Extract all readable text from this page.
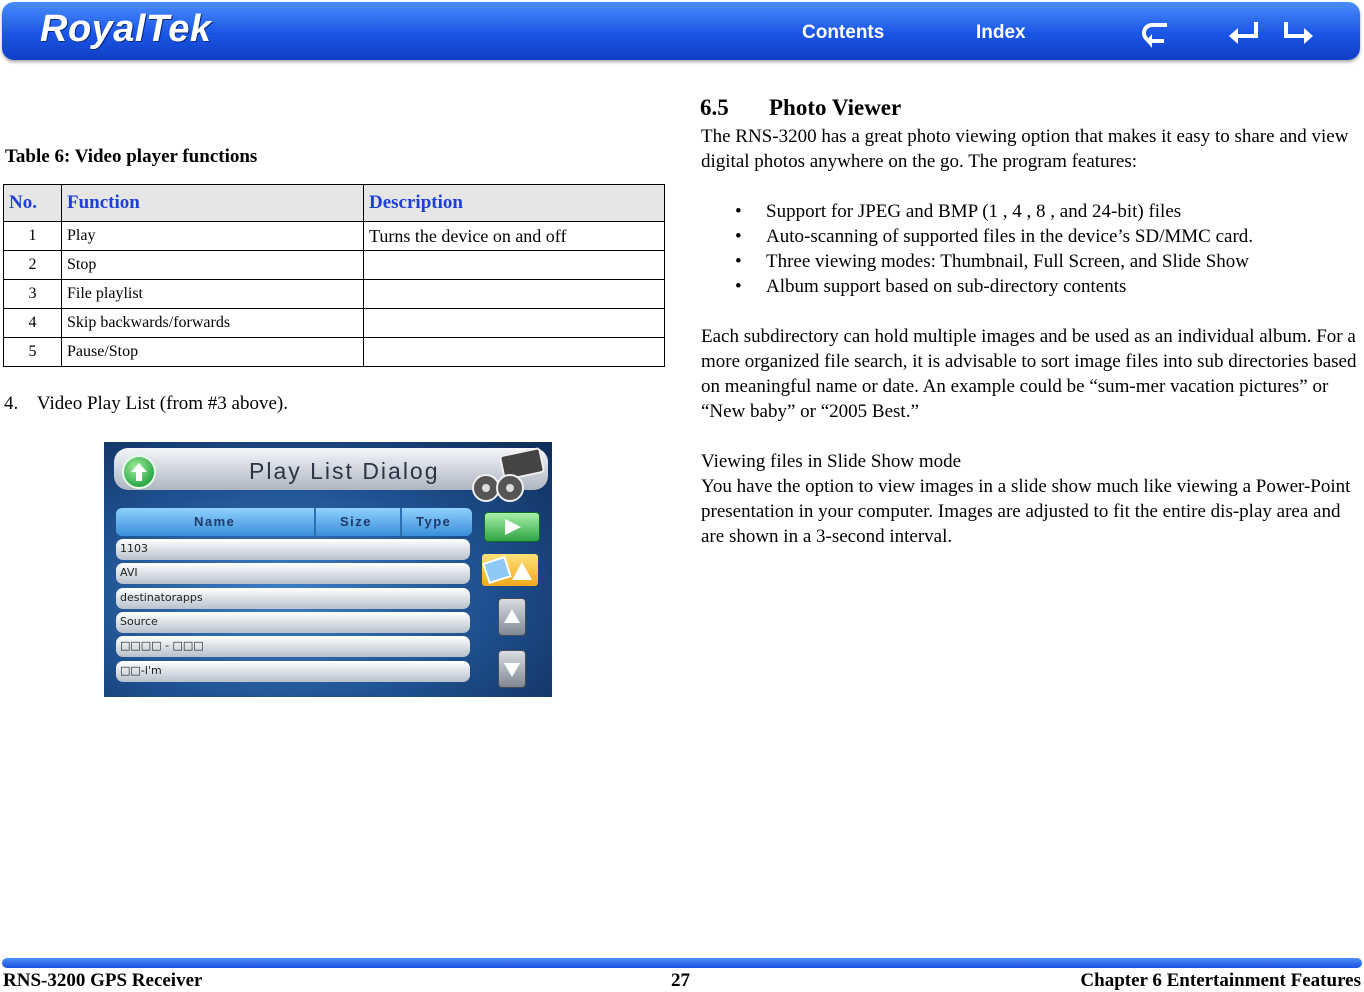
RoyalTek	Contents	Index
Table 6: Video player functions
No.	Function	Description
1	Play	Turns the device on and off
2	Stop	
3	File playlist	
4	Skip backwards/forwards	
5	Pause/Stop	
4.    Video Play List (from #3 above).
Play List Dialog
Name	Size	Type
1103
AVI
destinatorapps
Source
□□□□ - □□□
□□-I'm
6.5 Photo Viewer
The RNS-3200 has a great photo viewing option that makes it easy to share and view digital photos anywhere on the go. The program features:
• Support for JPEG and BMP (1 , 4 , 8 , and 24-bit) files
• Auto-scanning of supported files in the device’s SD/MMC card.
• Three viewing modes: Thumbnail, Full Screen, and Slide Show
• Album support based on sub-directory contents
Each subdirectory can hold multiple images and be used as an individual album. For a more organized file search, it is advisable to sort image files into sub directories based on meaningful name or date. An example could be “sum-mer vacation pictures” or “New baby” or “2005 Best.”
Viewing files in Slide Show mode
You have the option to view images in a slide show much like viewing a Power-Point presentation in your computer. Images are adjusted to fit the entire dis-play area and are shown in a 3-second interval.
RNS-3200 GPS Receiver	27	Chapter 6 Entertainment Features
